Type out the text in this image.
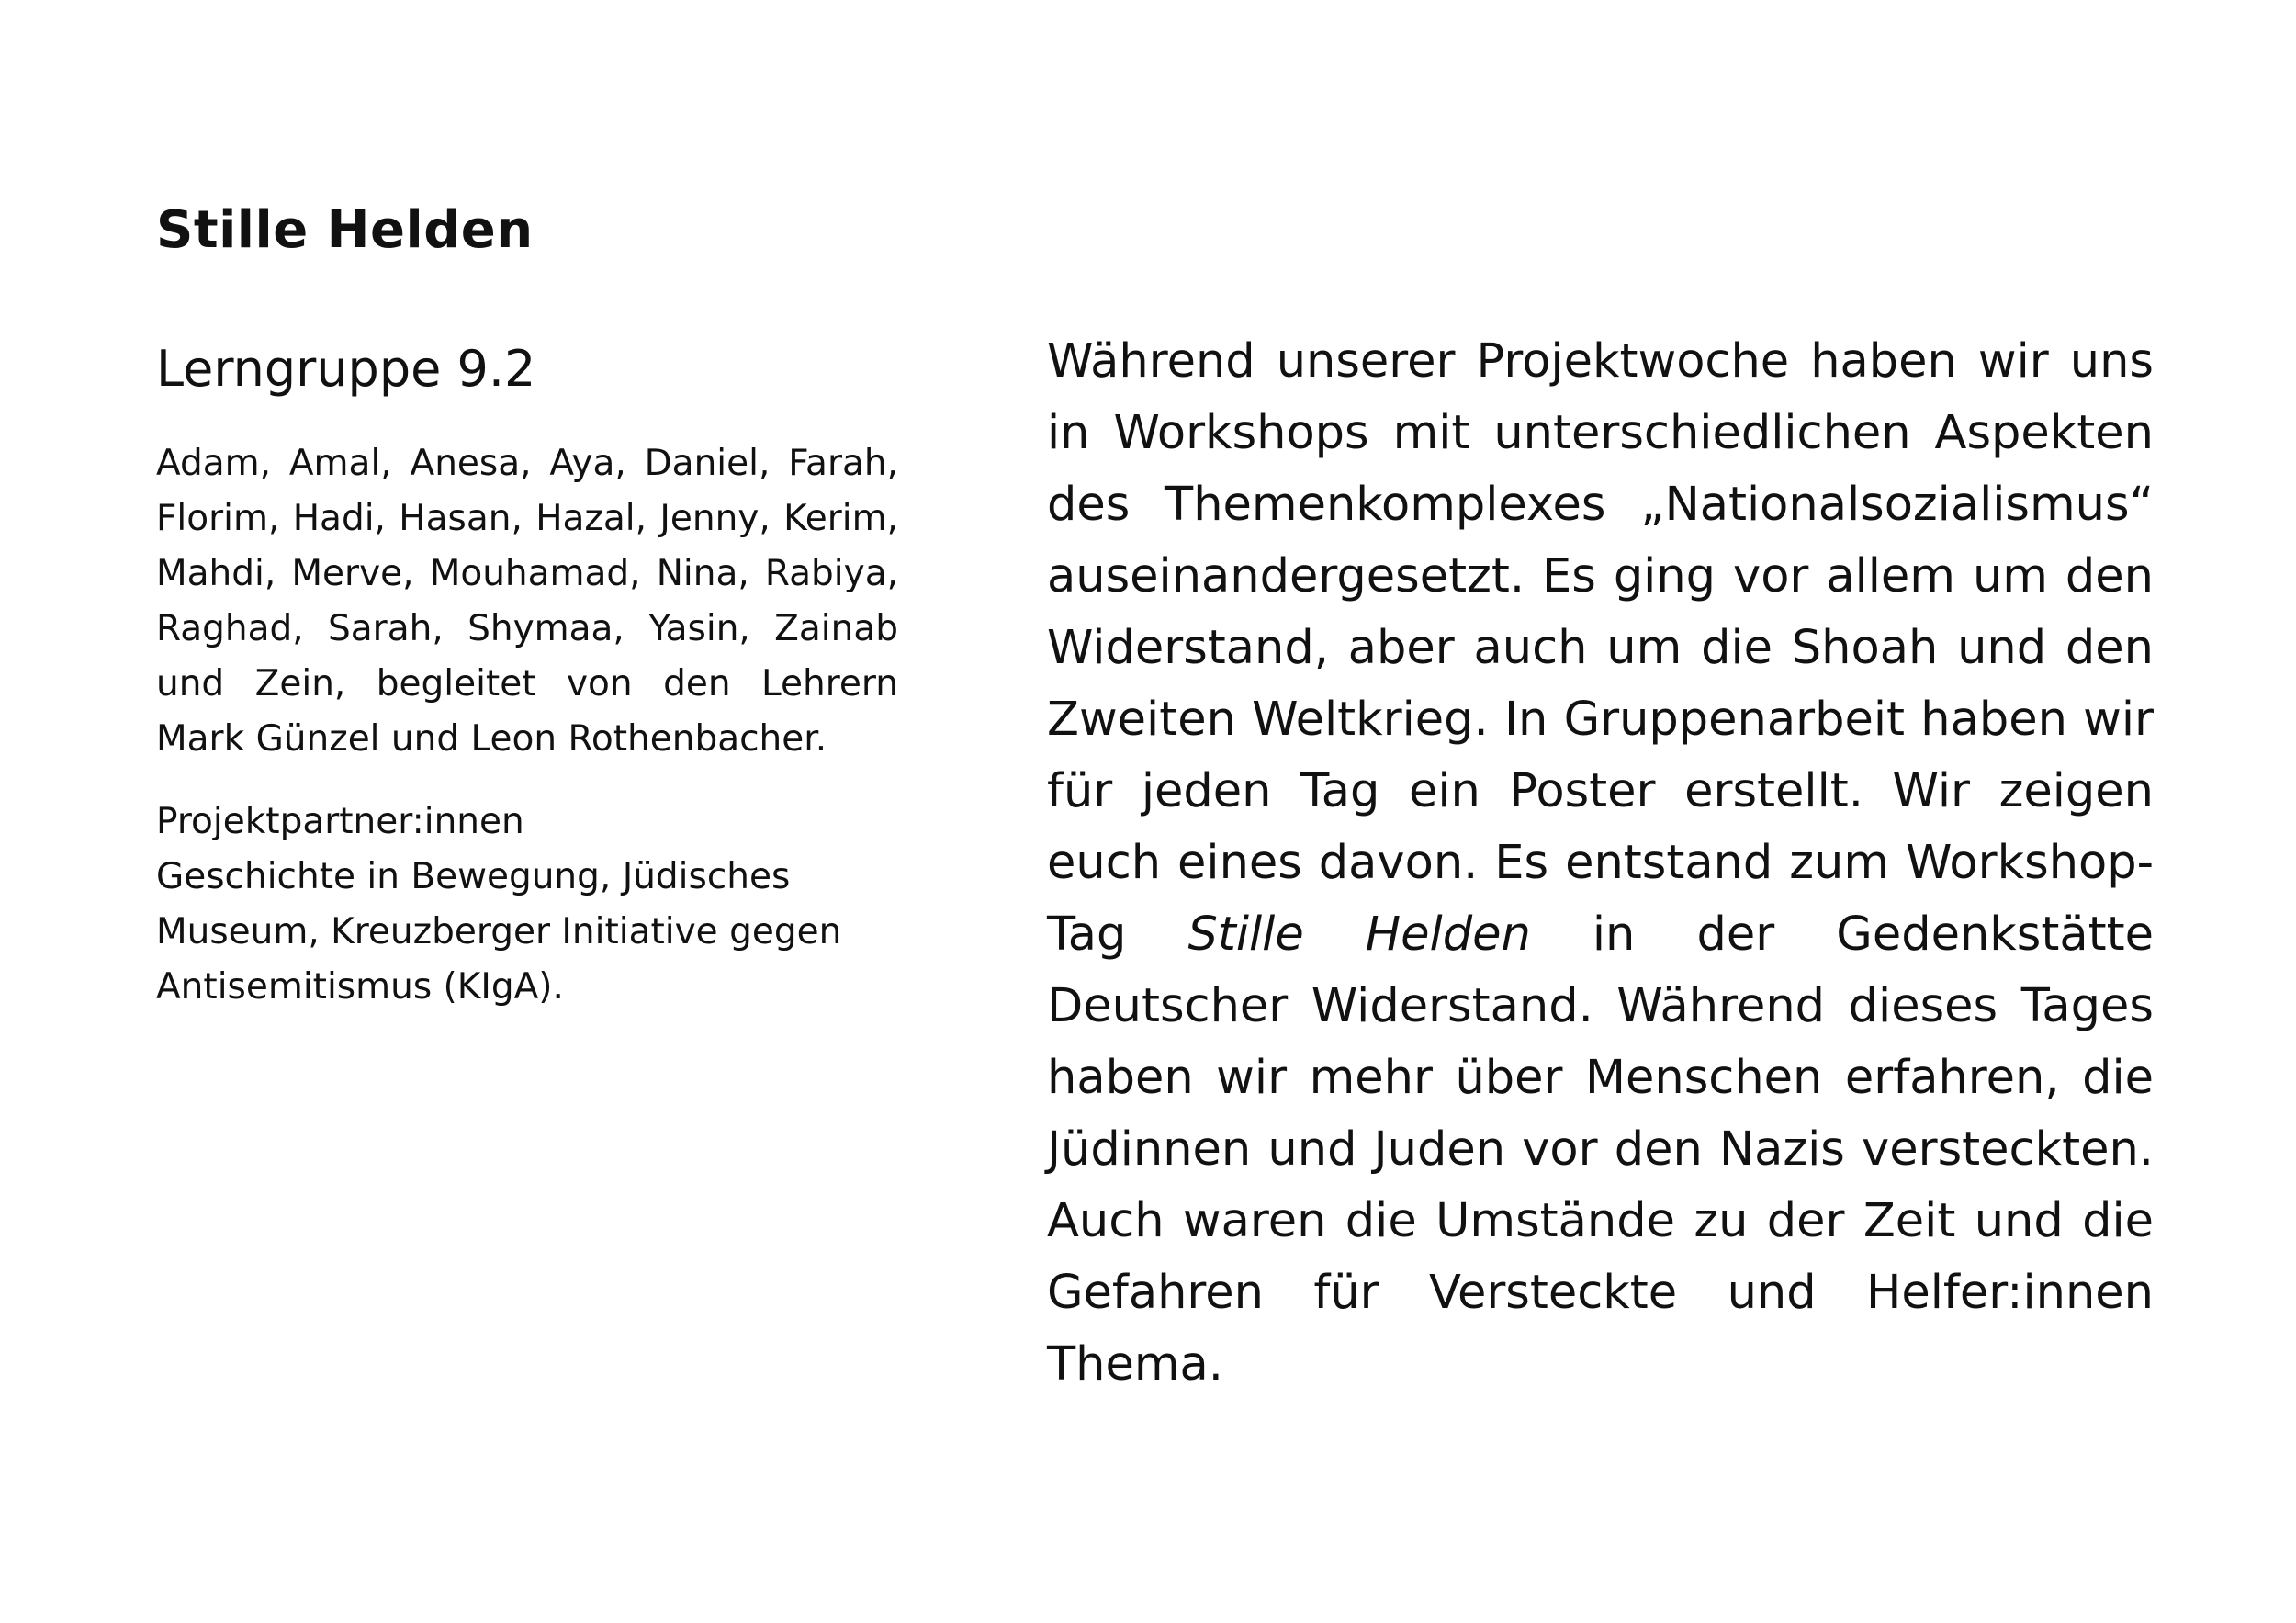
Stille Helden
Lerngruppe 9.2

Adam, Amal, Anesa, Aya, Daniel, Farah, Florim, Hadi, Hasan, Hazal, Jenny, Kerim, Mahdi, Merve, Mouhamad, Nina, Rabiya, Raghad, Sarah, Shymaa, Yasin, Zainab und Zein, begleitet von den Lehrern Mark Günzel und Leon Rothenbacher.

Projektpartner:innen

Geschichte in Bewegung, Jüdisches Museum, Kreuzberger Initiative gegen Antisemitismus (KIgA).

Während unserer Projektwoche haben wir uns in Workshops mit unterschiedlichen Aspekten des Themenkomplexes „Nationalsozialismus“ auseinandergesetzt. Es ging vor allem um den Widerstand, aber auch um die Shoah und den Zweiten Weltkrieg. In Gruppenarbeit haben wir für jeden Tag ein Poster erstellt. Wir zeigen euch eines davon. Es entstand zum Workshop-Tag Stille Helden in der Gedenkstätte Deutscher Widerstand. Während dieses Tages haben wir mehr über Menschen erfahren, die Jüdinnen und Juden vor den Nazis versteckten. Auch waren die Umstände zu der Zeit und die Gefahren für Versteckte und Helfer:innen Thema.
